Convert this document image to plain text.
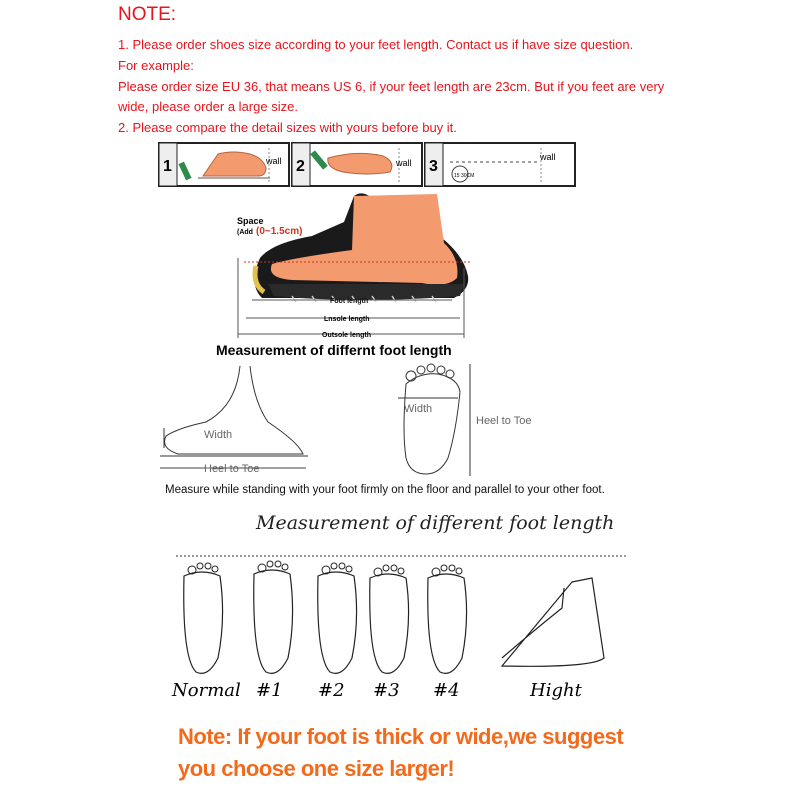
NOTE:
1. Please order shoes size according to your feet length. Contact us if have size question.
For example:
Please order size EU 36, that means US 6, if your feet length are 23cm. But if you feet are very wide, please order a large size.
2. Please compare the detail sizes with yours before buy it.
1	wall 2	wall 3
15 30CM
wall
Space
(Add (0~1.5cm)
Foot length
Lnsole length
Outsole length
Measurement of differnt foot length
Width
Heel to Toe
Width
Heel to Toe
Measure while standing with your foot firmly on the floor and parallel to your other foot.
Measurement of different foot length
Normal #1 #2 #3 #4	Hight
Note: If your foot is thick or wide,we suggest you choose one size larger!
